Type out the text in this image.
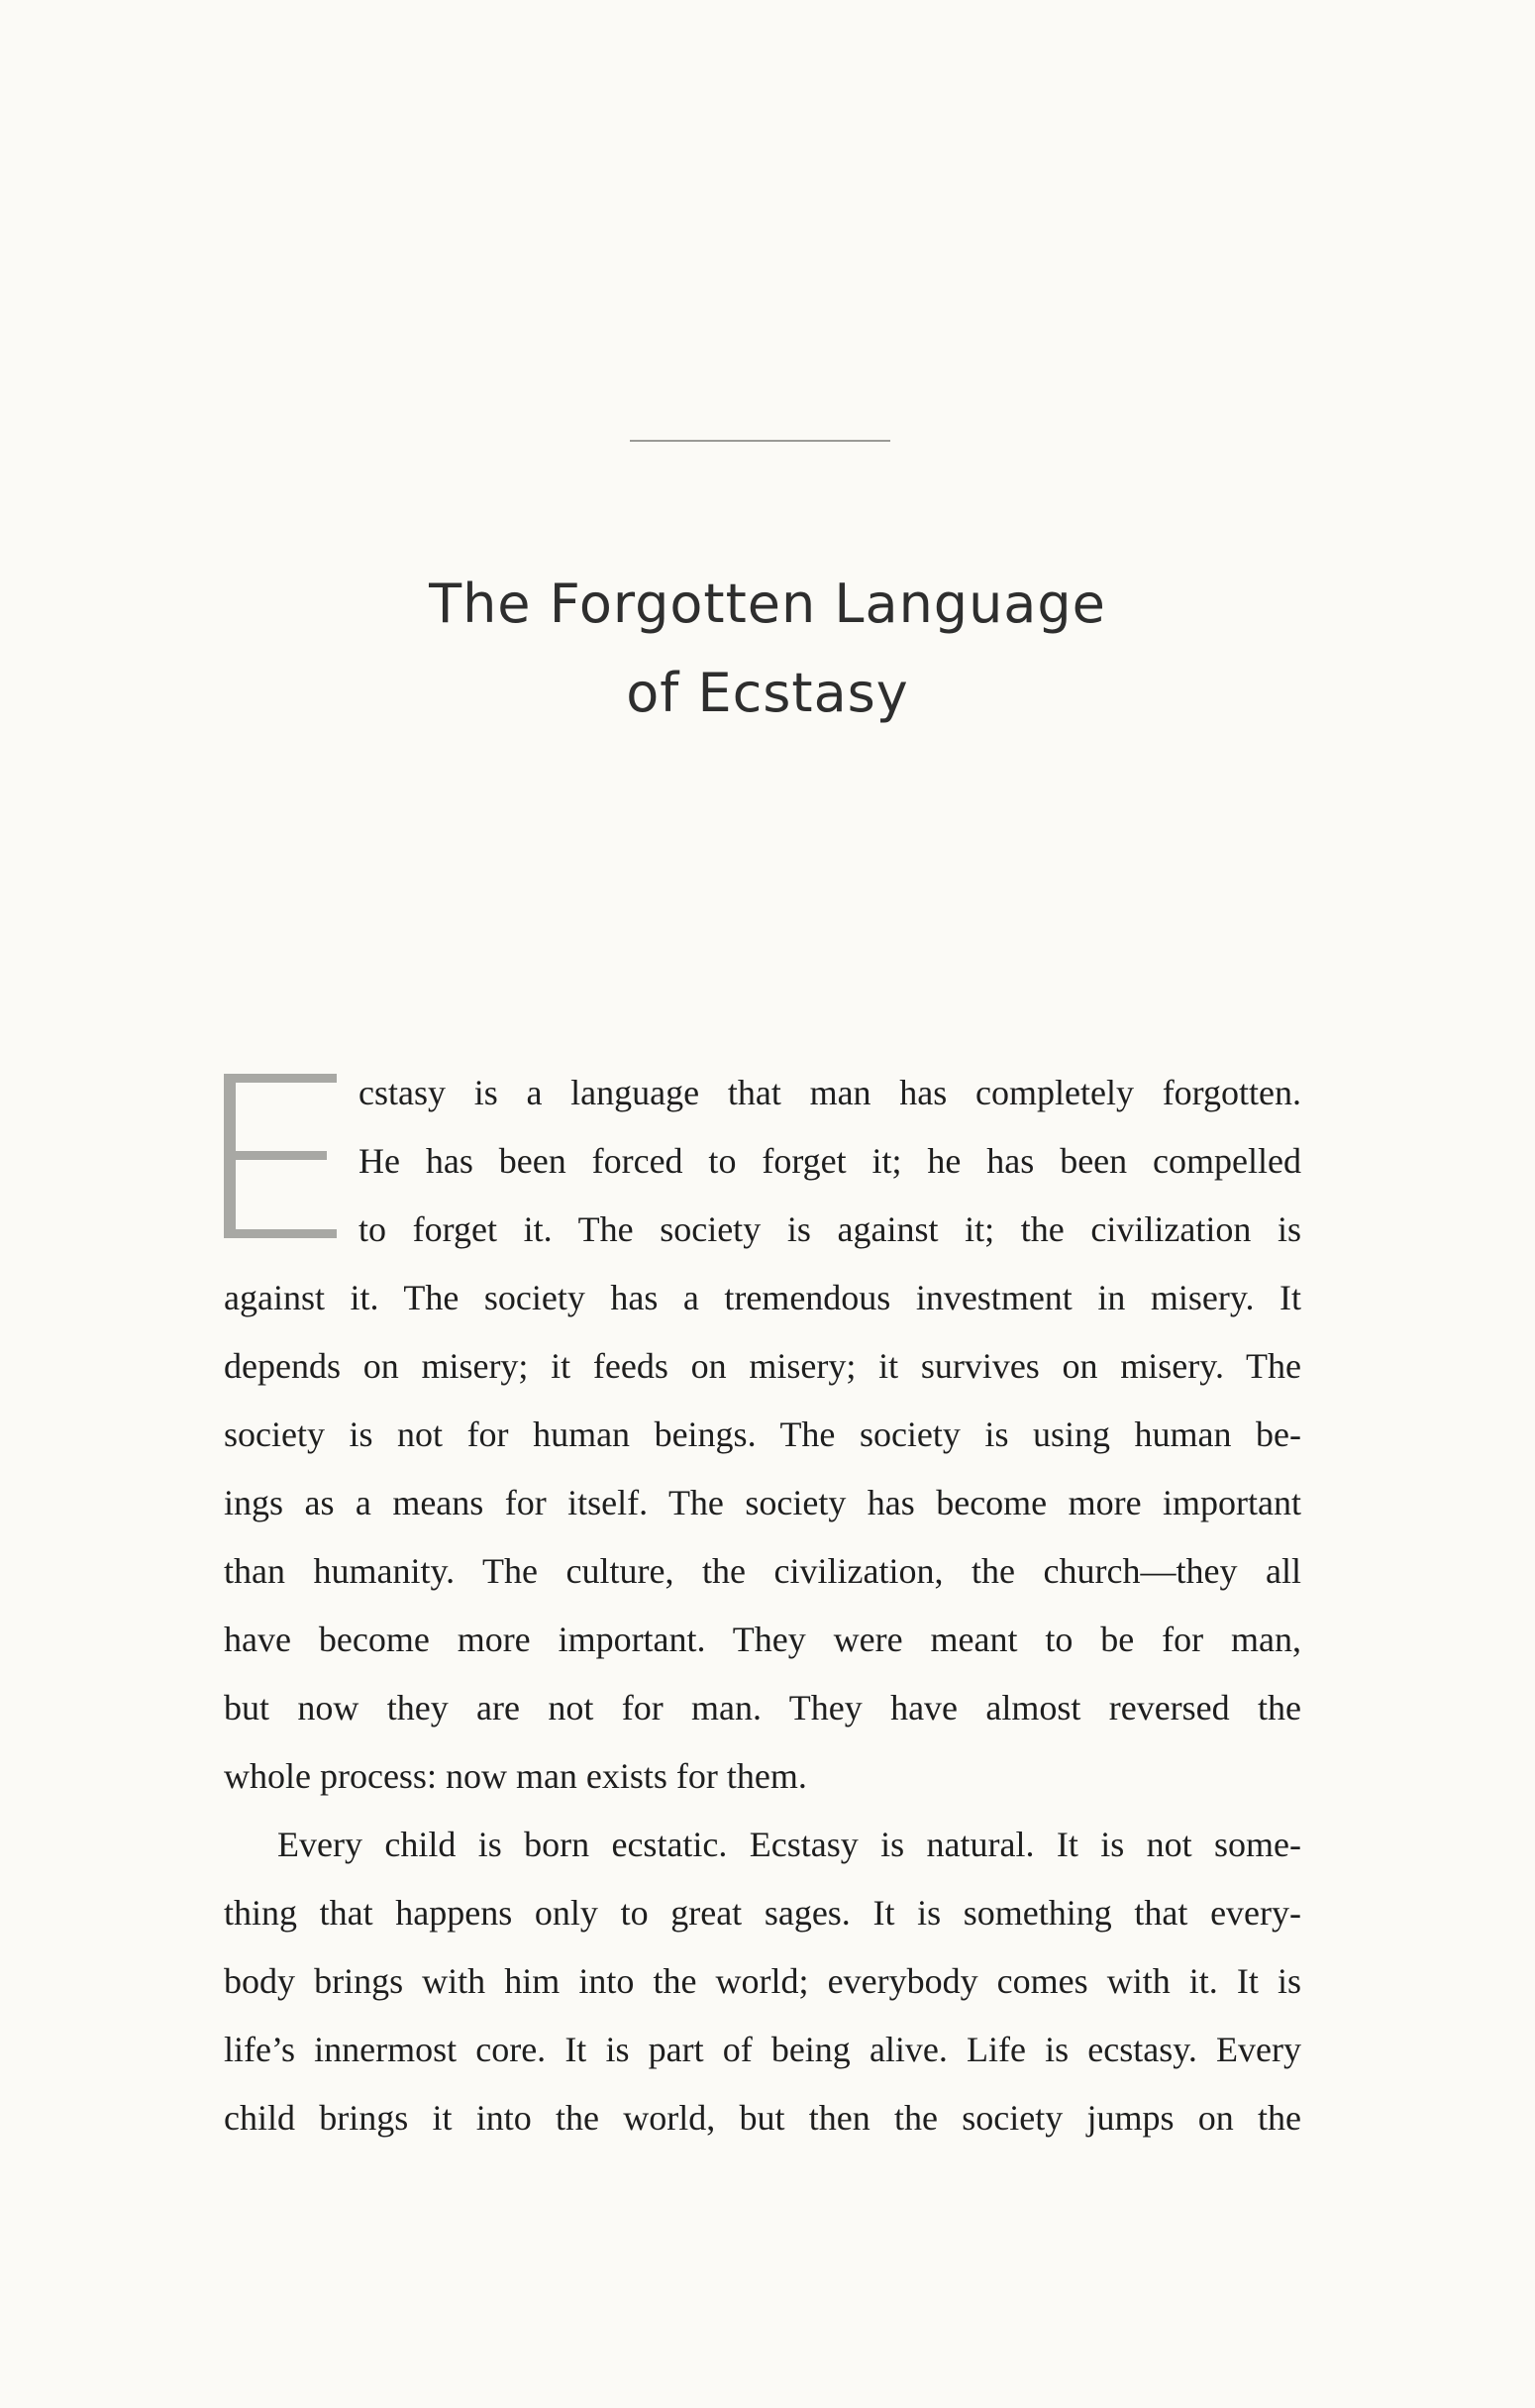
The Forgotten Language
of Ecstasy
cstasy is a language that man has completely forgotten.
He has been forced to forget it; he has been compelled
to forget it. The society is against it; the civilization is
against it. The society has a tremendous investment in misery. It
depends on misery; it feeds on misery; it survives on misery. The
society is not for human beings. The society is using human be-
ings as a means for itself. The society has become more important
than humanity. The culture, the civilization, the church—they all
have become more important. They were meant to be for man,
but now they are not for man. They have almost reversed the
whole process: now man exists for them.
Every child is born ecstatic. Ecstasy is natural. It is not some-
thing that happens only to great sages. It is something that every-
body brings with him into the world; everybody comes with it. It is
life’s innermost core. It is part of being alive. Life is ecstasy. Every
child brings it into the world, but then the society jumps on the
